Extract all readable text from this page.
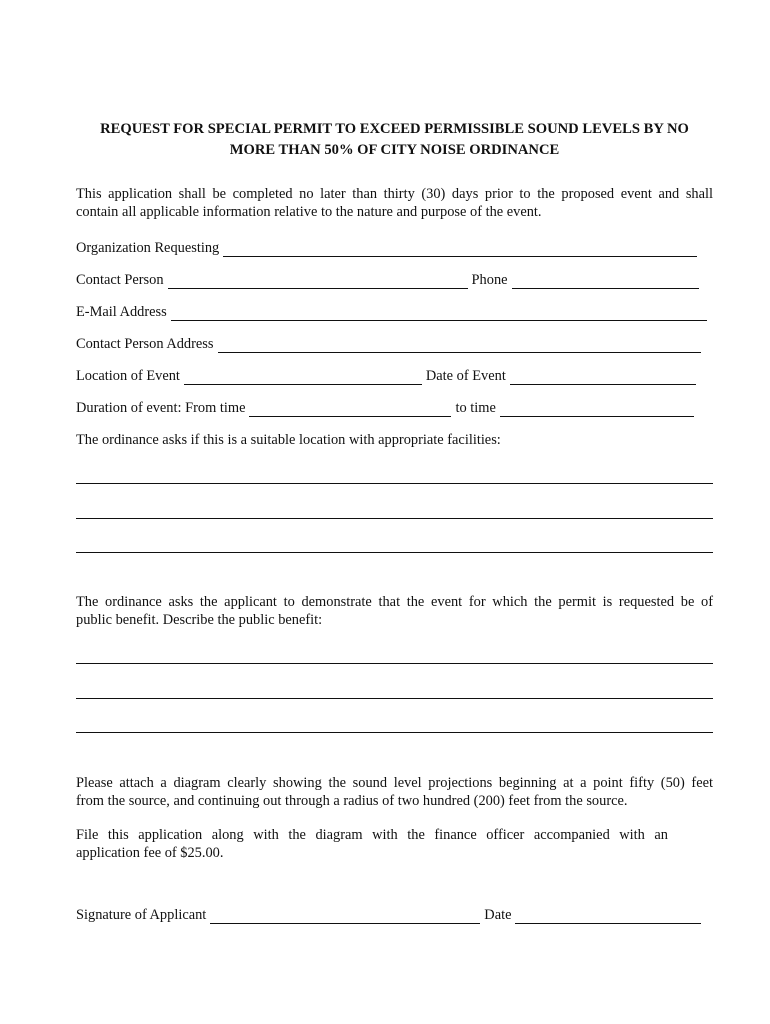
REQUEST FOR SPECIAL PERMIT TO EXCEED PERMISSIBLE SOUND LEVELS BY NO
MORE THAN 50% OF CITY NOISE ORDINANCE

This application shall be completed no later than thirty (30) days prior to the proposed event and shall
contain all applicable information relative to the nature and purpose of the event.

Organization Requesting
Contact Person	Phone
E-Mail Address
Contact Person Address
Location of Event	Date of Event
Duration of event: From time	to time
The ordinance asks if this is a suitable location with appropriate facilities:

The ordinance asks the applicant to demonstrate that the event for which the permit is requested be of
public benefit. Describe the public benefit:

Please attach a diagram clearly showing the sound level projections beginning at a point fifty (50) feet
from the source, and continuing out through a radius of two hundred (200) feet from the source.

File this application along with the diagram with the finance officer accompanied with an
application fee of $25.00.

Signature of Applicant	Date
